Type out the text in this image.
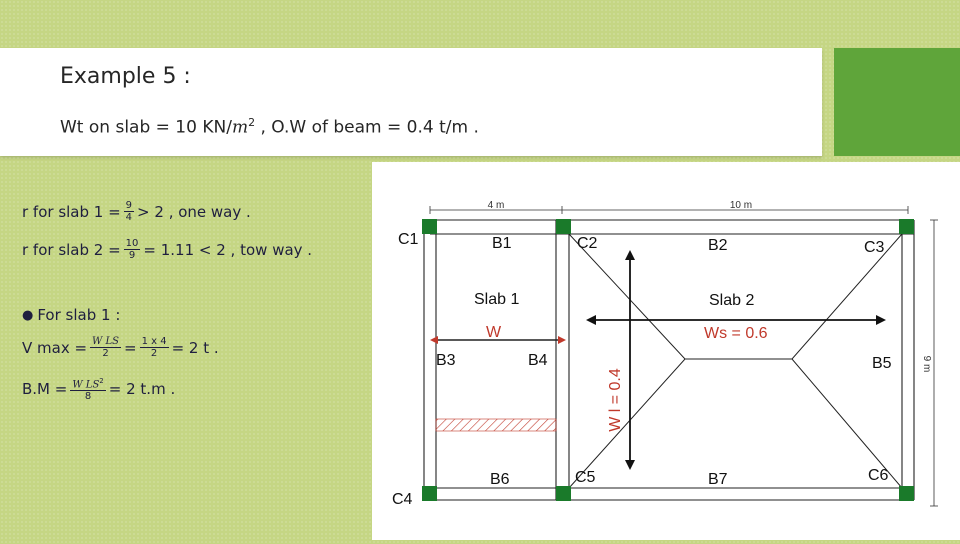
Example 5 :
Wt on slab = 10 $KN/m^2$ , O.W of beam = 0.4 t/m .
r for slab $1 = \frac{9}{4} > 2$ , one way .
r for slab $2 = \frac{10}{9} = 1.11 < 2$ , tow way .
● For slab 1 :
V $\max = \frac{\text{W LS}}{2} = \frac{1 x 4}{2} = 2$ t .
$B.M = \frac{W LS^2}{8} = 2$ t.m .
4 m	10 m
9 m
C1	C2	C3
C4
C5	C6
B1	B2
B3	B4	B5
B6	B7
Slab 1	Slab 2
W	Ws = 0.6
W l = 0.4
